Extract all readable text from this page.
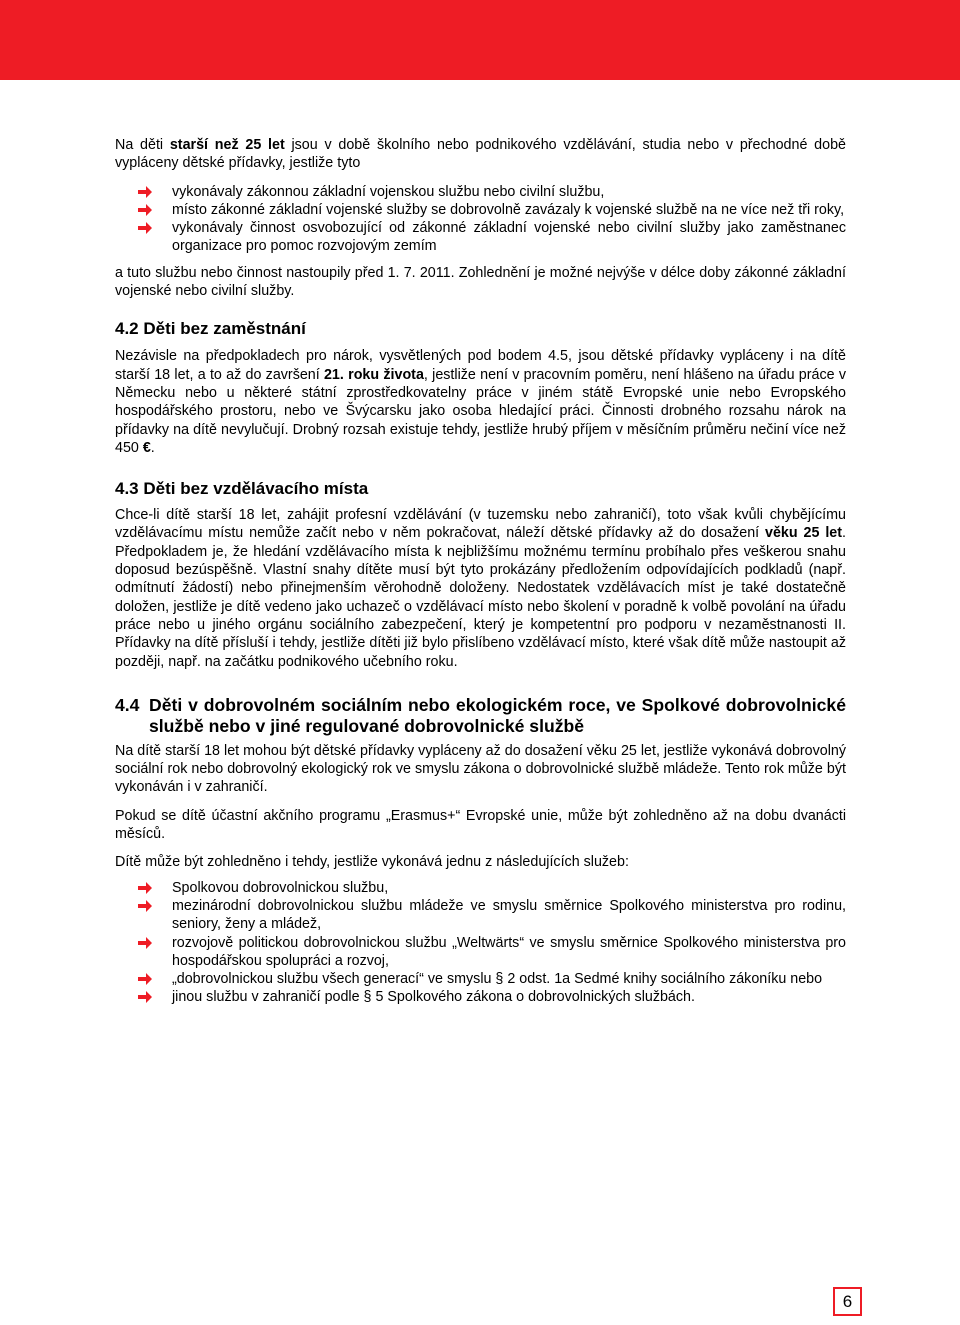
Na děti starší než 25 let jsou v době školního nebo podnikového vzdělávání, studia nebo v přechodné době vypláceny dětské přídavky, jestliže tyto

vykonávaly zákonnou základní vojenskou službu nebo civilní službu,
místo zákonné základní vojenské služby se dobrovolně zavázaly k vojenské službě na ne více než tři roky,
vykonávaly činnost osvobozující od zákonné základní vojenské nebo civilní služby jako zaměstnanec organizace pro pomoc rozvojovým zemím

a tuto službu nebo činnost nastoupily před 1. 7. 2011. Zohlednění je možné nejvýše v délce doby zákonné základní vojenské nebo civilní služby.

4.2 Děti bez zaměstnání

Nezávisle na předpokladech pro nárok, vysvětlených pod bodem 4.5, jsou dětské přídavky vypláceny i na dítě starší 18 let, a to až do završení 21. roku života, jestliže není v pracovním poměru, není hlášeno na úřadu práce v Německu nebo u některé státní zprostředkovatelny práce v jiném státě Evropské unie nebo Evropského hospodářského prostoru, nebo ve Švýcarsku jako osoba hledající práci. Činnosti drobného rozsahu nárok na přídavky na dítě nevylučují. Drobný rozsah existuje tehdy, jestliže hrubý příjem v měsíčním průměru nečiní více než 450 €.

4.3 Děti bez vzdělávacího místa

Chce-li dítě starší 18 let, zahájit profesní vzdělávání (v tuzemsku nebo zahraničí), toto však kvůli chybějícímu vzdělávacímu místu nemůže začít nebo v něm pokračovat, náleží dětské přídavky až do dosažení věku 25 let. Předpokladem je, že hledání vzdělávacího místa k nejbližšímu možnému termínu probíhalo přes veškerou snahu doposud bezúspěšně. Vlastní snahy dítěte musí být tyto prokázány předložením odpovídajících podkladů (např. odmítnutí žádostí) nebo přinejmenším věrohodně doloženy. Nedostatek vzdělávacích míst je také dostatečně doložen, jestliže je dítě vedeno jako uchazeč o vzdělávací místo nebo školení v poradně k volbě povolání na úřadu práce nebo u jiného orgánu sociálního zabezpečení, který je kompetentní pro podporu v nezaměstnanosti II. Přídavky na dítě přísluší i tehdy, jestliže dítěti již bylo přislíbeno vzdělávací místo, které však dítě může nastoupit až později, např. na začátku podnikového učebního roku.

4.4 Děti v dobrovolném sociálním nebo ekologickém roce, ve Spolkové dobrovolnické službě nebo v jiné regulované dobrovolnické službě

Na dítě starší 18 let mohou být dětské přídavky vypláceny až do dosažení věku 25 let, jestliže vykonává dobrovolný sociální rok nebo dobrovolný ekologický rok ve smyslu zákona o dobrovolnické službě mládeže. Tento rok může být vykonáván i v zahraničí.

Pokud se dítě účastní akčního programu „Erasmus+“ Evropské unie, může být zohledněno až na dobu dvanácti měsíců.

Dítě může být zohledněno i tehdy, jestliže vykonává jednu z následujících služeb:

Spolkovou dobrovolnickou službu,
mezinárodní dobrovolnickou službu mládeže ve smyslu směrnice Spolkového ministerstva pro rodinu, seniory, ženy a mládež,
rozvojově politickou dobrovolnickou službu „Weltwärts“ ve smyslu směrnice Spolkového ministerstva pro hospodářskou spolupráci a rozvoj,
„dobrovolnickou službu všech generací“ ve smyslu § 2 odst. 1a Sedmé knihy sociálního zákoníku nebo
jinou službu v zahraničí podle § 5 Spolkového zákona o dobrovolnických službách.
6
